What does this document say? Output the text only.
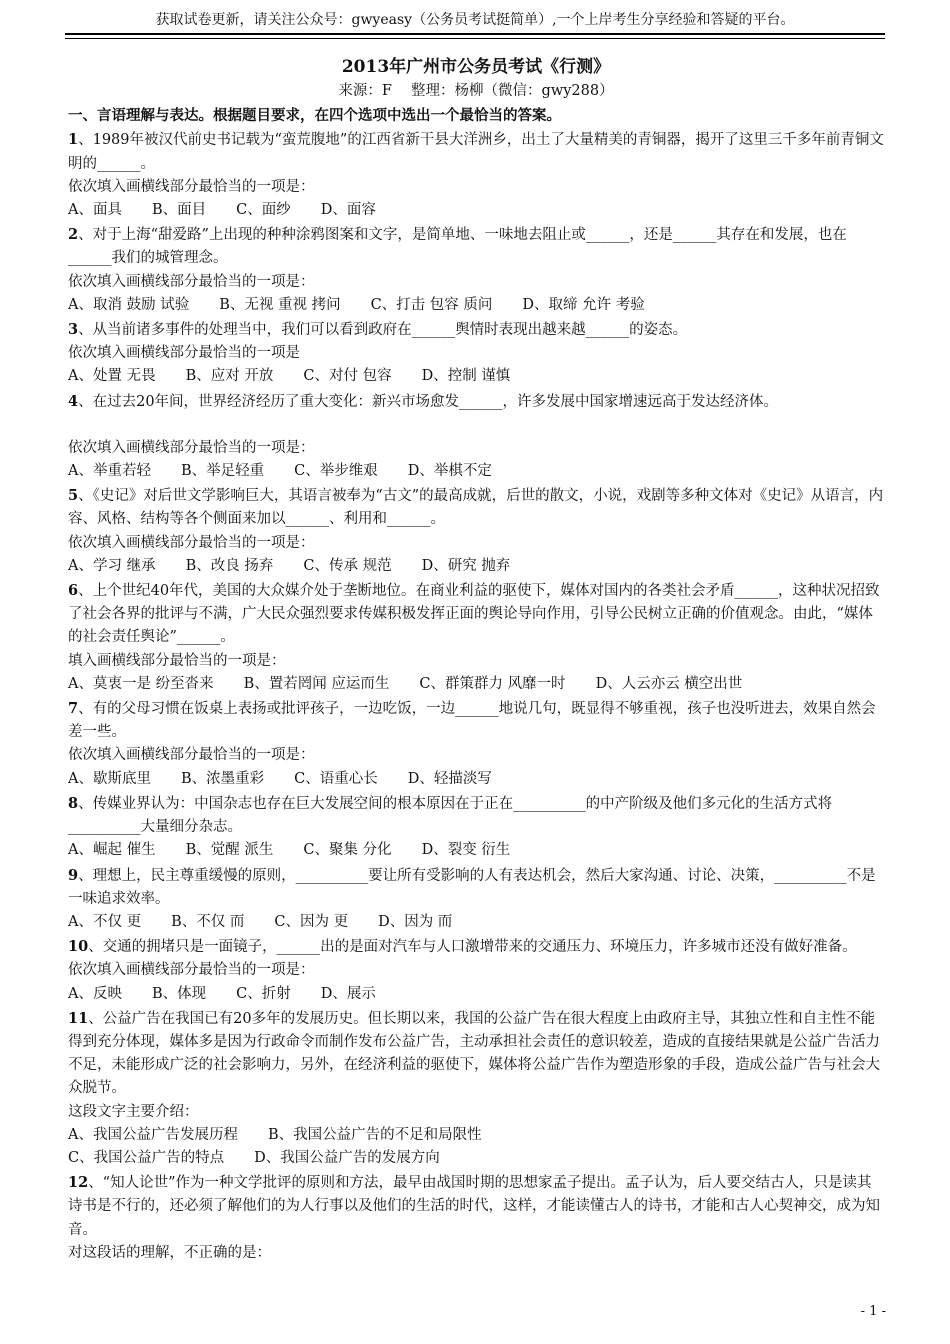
获取试卷更新，请关注公众号：gwyeasy（公务员考试挺简单）,一个上岸考生分享经验和答疑的平台。
2013年广州市公务员考试《行测》
来源：F　 整理：杨柳（微信：gwy288）
一、言语理解与表达。根据题目要求，在四个选项中选出一个最恰当的答案。
1、1989年被汉代前史书记载为“蛮荒腹地”的江西省新干县大洋洲乡，出土了大量精美的青铜器，揭开了这里三千多年前青铜文明的______。
依次填入画横线部分最恰当的一项是：
A、面具 B、面目 C、面纱 D、面容
2、对于上海“甜爱路”上出现的种种涂鸦图案和文字，是简单地、一味地去阻止或______，还是______其存在和发展，也在______我们的城管理念。
依次填入画横线部分最恰当的一项是：
A、取消 鼓励 试验 B、无视 重视 拷问 C、打击 包容 质问 D、取缔 允许 考验
3、从当前诸多事件的处理当中，我们可以看到政府在______舆情时表现出越来越______的姿态。
依次填入画横线部分最恰当的一项是
A、处置 无畏 B、应对 开放 C、对付 包容 D、控制 谨慎
4、在过去20年间，世界经济经历了重大变化：新兴市场愈发______，许多发展中国家增速远高于发达经济体。
依次填入画横线部分最恰当的一项是：
A、举重若轻 B、举足轻重 C、举步维艰 D、举棋不定
5、《史记》对后世文学影响巨大，其语言被奉为“古文”的最高成就，后世的散文，小说，戏剧等多种文体对《史记》从语言，内容、风格、结构等各个侧面来加以______、利用和______。
依次填入画横线部分最恰当的一项是：
A、学习 继承 B、改良 扬弃 C、传承 规范 D、研究 抛弃
6、上个世纪40年代，美国的大众媒介处于垄断地位。在商业利益的驱使下，媒体对国内的各类社会矛盾______，这种状况招致了社会各界的批评与不满，广大民众强烈要求传媒积极发挥正面的舆论导向作用，引导公民树立正确的价值观念。由此，“媒体的社会责任舆论”______。
填入画横线部分最恰当的一项是：
A、莫衷一是 纷至沓来 B、置若罔闻 应运而生 C、群策群力 风靡一时 D、人云亦云 横空出世
7、有的父母习惯在饭桌上表扬或批评孩子，一边吃饭，一边______地说几句，既显得不够重视，孩子也没听进去，效果自然会差一些。
依次填入画横线部分最恰当的一项是：
A、歇斯底里 B、浓墨重彩 C、语重心长 D、轻描淡写
8、传媒业界认为：中国杂志也存在巨大发展空间的根本原因在于正在__________的中产阶级及他们多元化的生活方式将__________大量细分杂志。
A、崛起 催生 B、觉醒 派生 C、聚集 分化 D、裂变 衍生
9、理想上，民主尊重缓慢的原则，__________要让所有受影响的人有表达机会，然后大家沟通、讨论、决策，__________不是一味追求效率。
A、不仅 更 B、不仅 而 C、因为 更 D、因为 而
10、交通的拥堵只是一面镜子，______出的是面对汽车与人口激增带来的交通压力、环境压力，许多城市还没有做好准备。
依次填入画横线部分最恰当的一项是：
A、反映 B、体现 C、折射 D、展示
11、公益广告在我国已有20多年的发展历史。但长期以来，我国的公益广告在很大程度上由政府主导，其独立性和自主性不能得到充分体现，媒体多是因为行政命令而制作发布公益广告，主动承担社会责任的意识较差，造成的直接结果就是公益广告活力不足，未能形成广泛的社会影响力，另外，在经济利益的驱使下，媒体将公益广告作为塑造形象的手段，造成公益广告与社会大众脱节。
这段文字主要介绍：
A、我国公益广告发展历程 B、我国公益广告的不足和局限性
C、我国公益广告的特点 D、我国公益广告的发展方向
12、“知人论世”作为一种文学批评的原则和方法，最早由战国时期的思想家孟子提出。孟子认为，后人要交结古人，只是读其诗书是不行的，还必须了解他们的为人行事以及他们的生活的时代，这样，才能读懂古人的诗书，才能和古人心契神交，成为知音。
对这段话的理解，不正确的是：
- 1 -
